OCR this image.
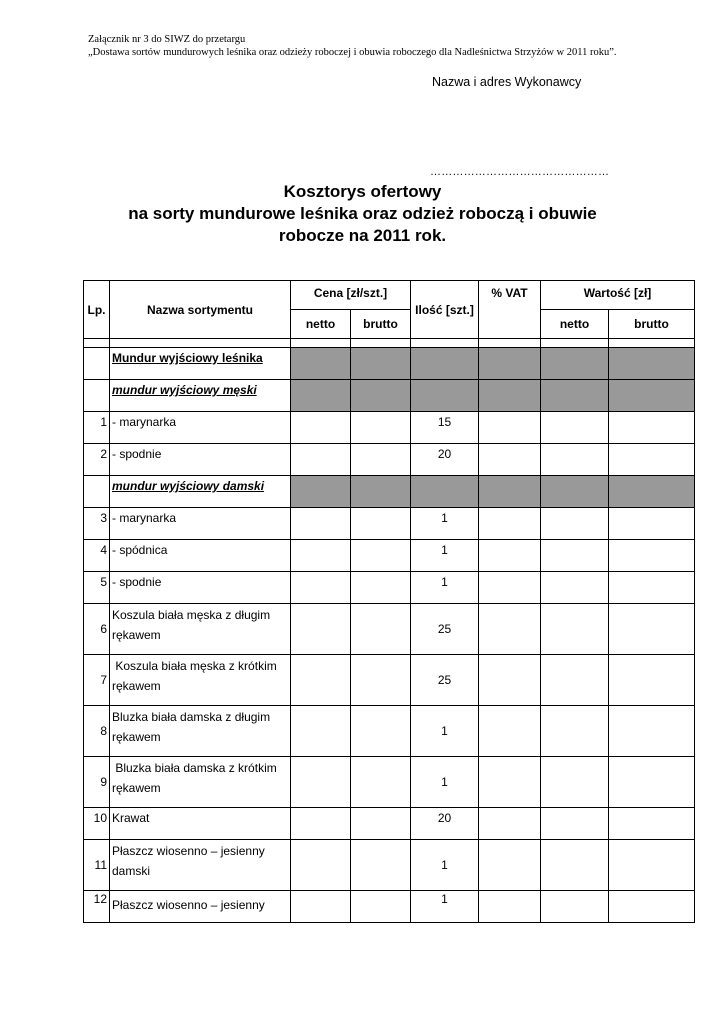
Załącznik nr 3 do SIWZ do przetargu
„Dostawa sortów mundurowych leśnika oraz odzieży roboczej i obuwia roboczego dla Nadleśnictwa Strzyżów w 2011 roku”.
Nazwa i adres Wykonawcy
…………………………………………
Kosztorys ofertowy
na sorty mundurowe leśnika oraz odzież roboczą i obuwie
robocze na 2011 rok.
Lp.	Nazwa sortymentu	Cena [zł/szt.]		Ilość [szt.]	% VAT	Wartość [zł]	
		netto	brutto			netto	brutto

	Mundur wyjściowy leśnika						
	mundur wyjściowy męski						
1	- marynarka			15			
2	- spodnie			20			
	mundur wyjściowy damski						
3	- marynarka			1			
4	- spódnica			1			
5	- spodnie			1			
6	Koszula biała męska z długim
rękawem			25			
7	Koszula biała męska z krótkim
rękawem			25			
8	Bluzka biała damska z długim
rękawem			1			
9	Bluzka biała damska z krótkim
rękawem			1			
10	Krawat			20			
11	Płaszcz wiosenno – jesienny
damski			1			
12	Płaszcz wiosenno – jesienny			1			
